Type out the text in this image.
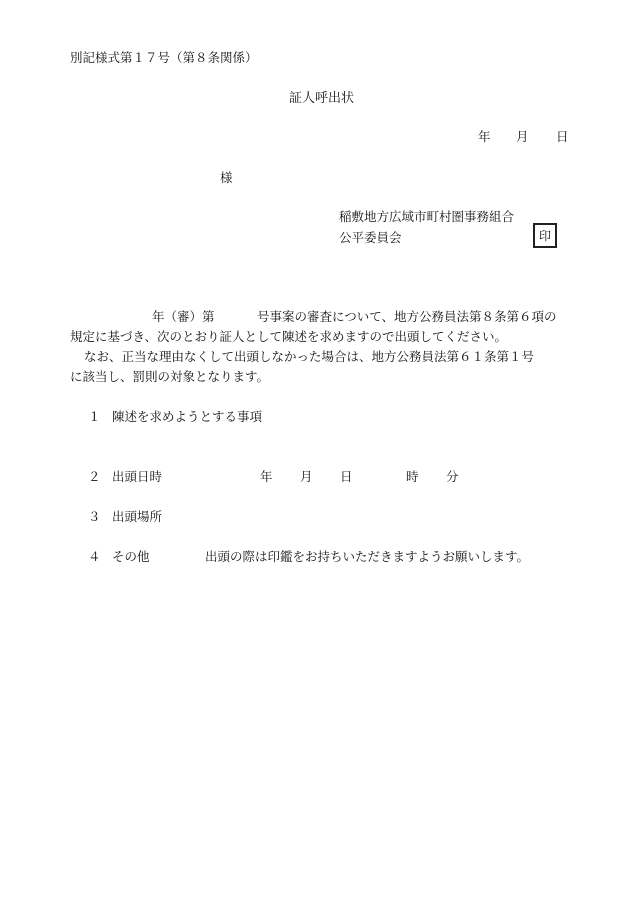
別記様式第１７号（第８条関係）
証人呼出状
年 月 日
様
稲敷地方広域市町村圏事務組合
公平委員会	印
年（審）第	号事案の審査について、地方公務員法第８条第６項の
規定に基づき、次のとおり証人として陳述を求めますので出頭してください。
なお、正当な理由なくして出頭しなかった場合は、地方公務員法第６１条第１号
に該当し、罰則の対象となります。
１ 陳述を求めようとする事項
２ 出頭日時	年 月 日	時 分
３ 出頭場所
４ その他	出頭の際は印鑑をお持ちいただきますようお願いします。
